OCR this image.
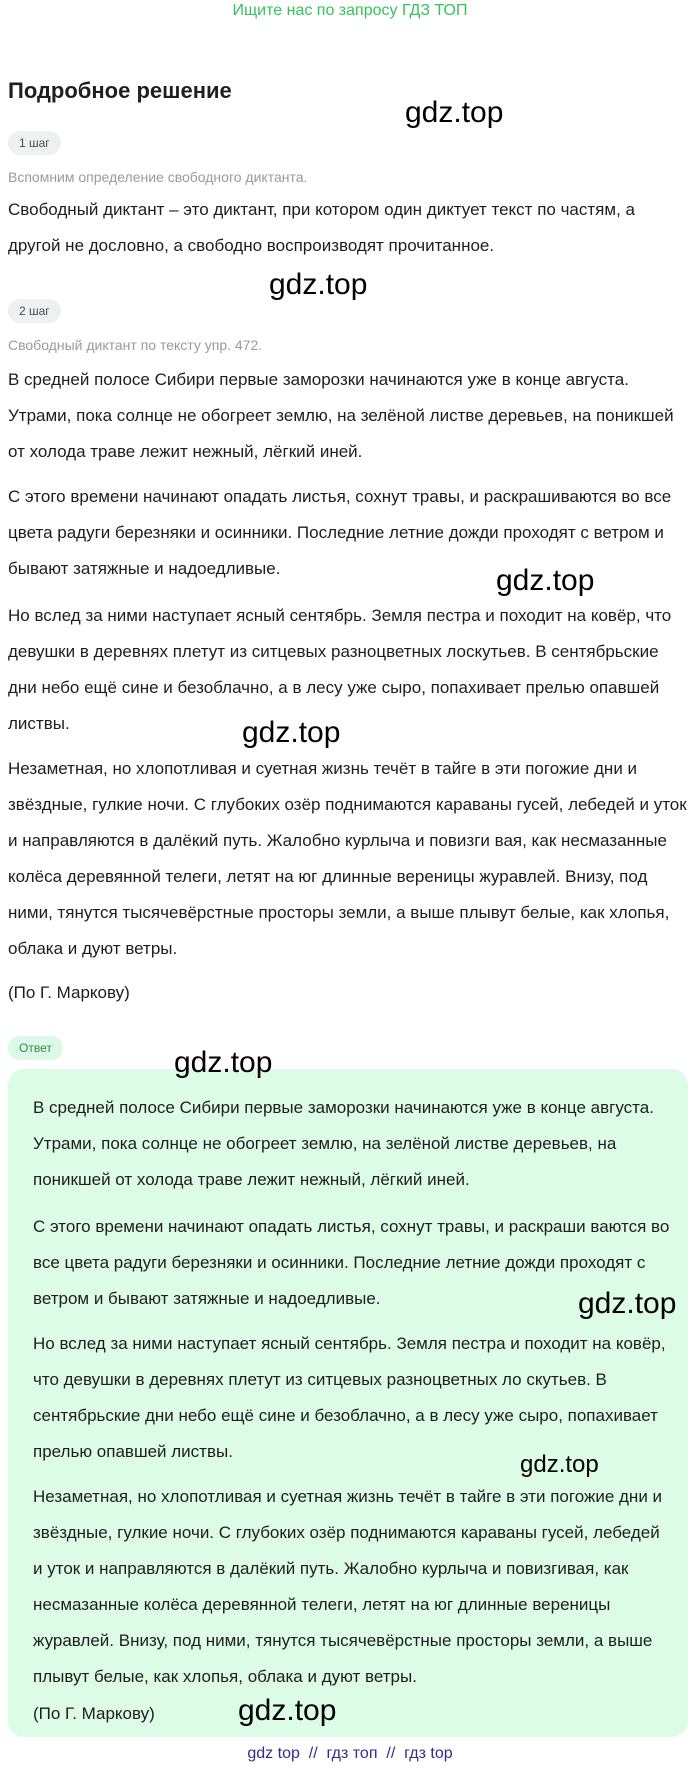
Ищите нас по запросу ГДЗ ТОП
Подробное решение
1 шаг
Вспомним определение свободного диктанта.
Свободный диктант – это диктант, при котором один диктует текст по частям, а другой не дословно, а свободно воспроизводят прочитанное.
2 шаг
Свободный диктант по тексту упр. 472.
В средней полосе Сибири первые заморозки начинаются уже в конце августа. Утрами, пока солнце не обогреет землю, на зелёной листве деревьев, на поникшей от холода траве лежит нежный, лёгкий иней.
С этого времени начинают опадать листья, сохнут травы, и раскрашиваются во все цвета радуги березняки и осинники. Последние летние дожди проходят с ветром и бывают затяжные и надоедливые.
Но вслед за ними наступает ясный сентябрь. Земля пестра и походит на ковёр, что девушки в деревнях плетут из ситцевых разноцветных лоскутьев. В сентябрьские дни небо ещё сине и безоблачно, а в лесу уже сыро, попахивает прелью опавшей листвы.
Незаметная, но хлопотливая и суетная жизнь течёт в тайге в эти погожие дни и звёздные, гулкие ночи. С глубоких озёр поднимаются караваны гусей, лебедей и уток и направляются в далёкий путь. Жалобно курлыча и повизги вая, как несмазанные колёса деревянной телеги, летят на юг длинные вереницы журавлей. Внизу, под ними, тянутся тысячевёрстные просторы земли, а выше плывут белые, как хлопья, облака и дуют ветры.
(По Г. Маркову)
Ответ
В средней полосе Сибири первые заморозки начинаются уже в конце августа. Утрами, пока солнце не обогреет землю, на зелёной листве деревьев, на поникшей от холода траве лежит нежный, лёгкий иней.
С этого времени начинают опадать листья, сохнут травы, и раскраши ваются во все цвета радуги березняки и осинники. Последние летние дожди проходят с ветром и бывают затяжные и надоедливые.
Но вслед за ними наступает ясный сентябрь. Земля пестра и походит на ковёр, что девушки в деревнях плетут из ситцевых разноцветных ло скутьев. В сентябрьские дни небо ещё сине и безоблачно, а в лесу уже сыро, попахивает прелью опавшей листвы.
Незаметная, но хлопотливая и суетная жизнь течёт в тайге в эти погожие дни и звёздные, гулкие ночи. С глубоких озёр поднимаются караваны гусей, лебедей и уток и направляются в далёкий путь. Жалобно курлыча и повизгивая, как несмазанные колёса деревянной телеги, летят на юг длинные вереницы журавлей. Внизу, под ними, тянутся тысячевёрстные просторы земли, а выше плывут белые, как хлопья, облака и дуют ветры.
(По Г. Маркову)
gdz.top
gdz.top
gdz.top
gdz.top
gdz.top
gdz.top
gdz.top
gdz.top
gdz top  //  гдз топ  //  гдз top
